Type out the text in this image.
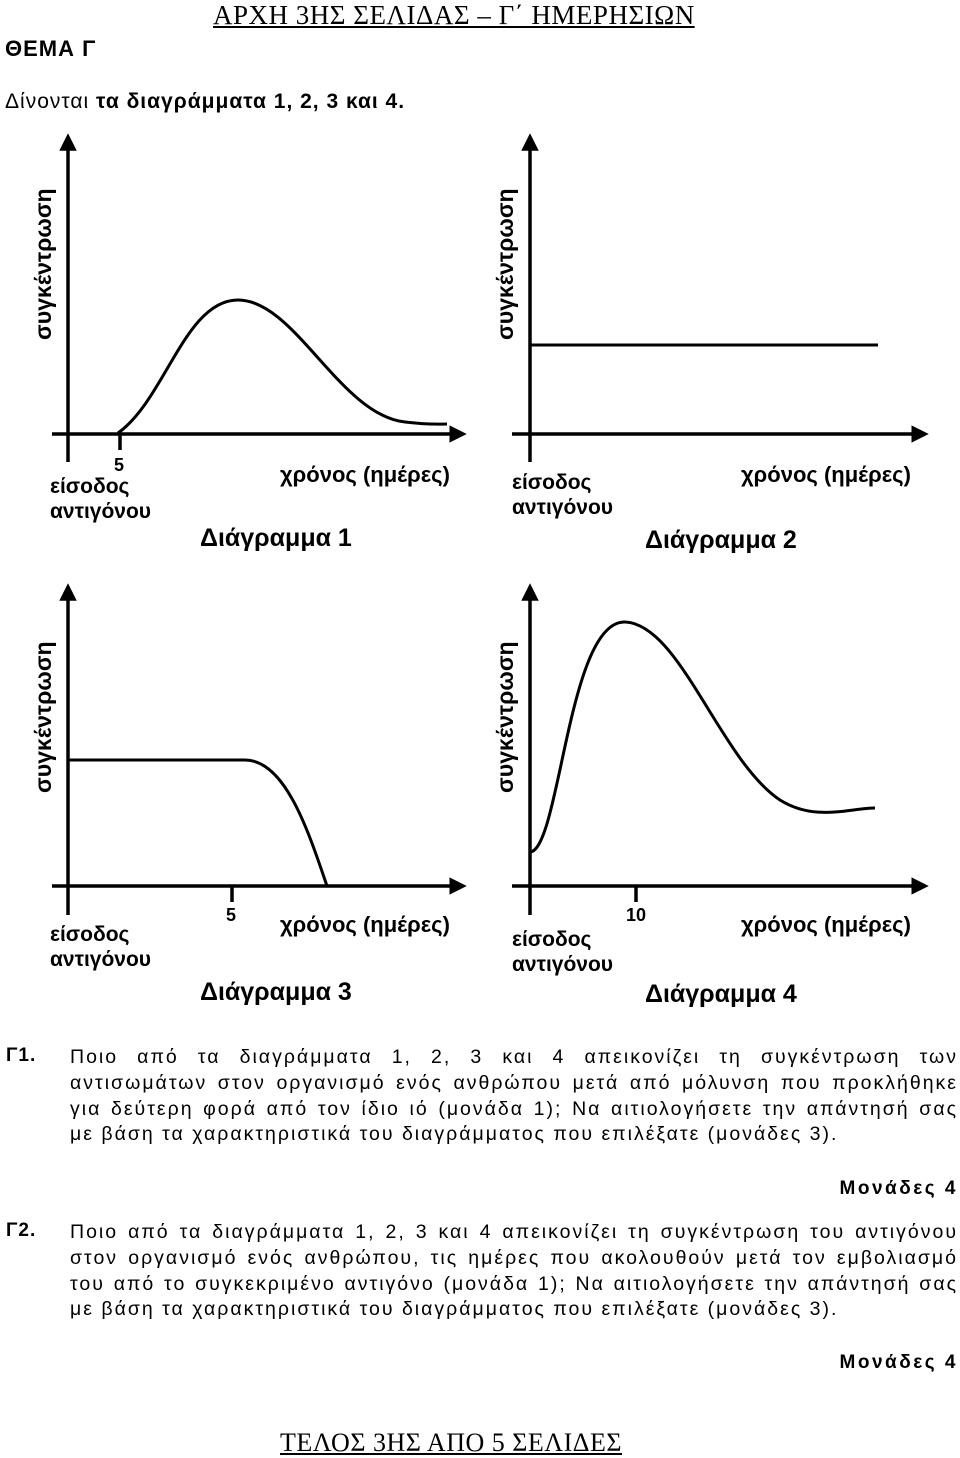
ΑΡΧΗ 3ΗΣ ΣΕΛΙΔΑΣ – Γ΄ ΗΜΕΡΗΣΙΩΝ
ΘΕΜΑ Γ
Δίνονται τα διαγράμματα 1, 2, 3 και 4.
συγκέντρωση
5
είσοδος
αντιγόνου
χρόνος (ημέρες)
Διάγραμμα 1
συγκέντρωση
είσοδος
αντιγόνου
χρόνος (ημέρες)
Διάγραμμα 2
συγκέντρωση
5
είσοδος
αντιγόνου
χρόνος (ημέρες)
Διάγραμμα 3
συγκέντρωση
10
είσοδος
αντιγόνου
χρόνος (ημέρες)
Διάγραμμα 4
Γ1. Ποιο από τα διαγράμματα 1, 2, 3 και 4 απεικονίζει τη συγκέντρωση των αντισωμάτων στον οργανισμό ενός ανθρώπου μετά από μόλυνση που προκλήθηκε για δεύτερη φορά από τον ίδιο ιό (μονάδα 1); Να αιτιολογήσετε την απάντησή σας με βάση τα χαρακτηριστικά του διαγράμματος που επιλέξατε (μονάδες 3).
Μονάδες 4
Γ2. Ποιο από τα διαγράμματα 1, 2, 3 και 4 απεικονίζει τη συγκέντρωση του αντιγόνου στον οργανισμό ενός ανθρώπου, τις ημέρες που ακολουθούν μετά τον εμβολιασμό του από το συγκεκριμένο αντιγόνο (μονάδα 1); Να αιτιολογήσετε την απάντησή σας με βάση τα χαρακτηριστικά του διαγράμματος που επιλέξατε (μονάδες 3).
Μονάδες 4
ΤΕΛΟΣ 3ΗΣ ΑΠΟ 5 ΣΕΛΙΔΕΣ
